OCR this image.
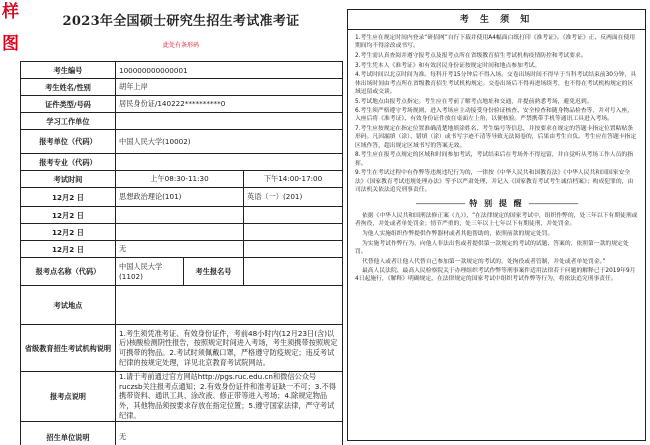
样
图
2023年全国硕士研究生招生考试准考证
此处有条形码
考生编号	100000000000001		
考生姓名/性别	胡年上岸		
证件类型/号码	居民身份证/140222**********0		
学习工作单位			
报考单位（代码）	中国人民大学(10002)		
报考专业（代码）			
考试时间	上午08:30-11:30		下午14:00-17:00
12月2 日	思想政治理论(101)		英语（一）(201)
12月2 日			
12月2 日			
12月2 日	无		
报考点名称（代码）	中国人民大学(1102)	考生报名号	
考试地点			
省级教育招生考试机构说明	1.考生须凭准考证、有效身份证件，考前48小时内(12月23日(含)以后)核酸检测阴性报告，按照规定时间进入考场，考生须携带按照规定可携带的物品。2.考试时须佩戴口罩，严格遵守防疫规定；违反考试纪律的按规定处理，详见北京教育考试院网站。		
报考点说明	1.请于考前通过官方网站http://pgs.ruc.edu.cn和微信公众号ruczsb关注报考点通知；2.有效身份证件和准考证缺一不可；3.不得携带资料、通讯工具、涂改液、修正带等进入考场；4.除规定物品外，其他物品须按要求存放在指定位置；5.遵守国家法律，严守考试纪律。		
招生单位说明	无		
考 生 须 知

1.考生应在规定时间内登录“研招网”自行下载并使用A4幅面白纸打印《准考证》。《准考证》正、反两面在使用期间均不得涂改或书写。

2.考生需认真查阅并遵守报考点及报考点所在省级教育招生考试机构疫情防控和考试要求。

3.考生凭本人《准考证》和有效居民身份证按规定时间和地点参加考试。

4.考试时间以北京时间为准。每科开考15分钟后不得入场。交卷出场时间不得早于当科考试结束前30分钟，具体出场时间由考点所在省级教育招生考试机构规定。交卷出场后不得再进场续考，也不得在考试机构规定的区域逗留或交谈。

5.考试地点由报考点指定。考生应在考前了解考点地址和交通，并提前熟悉考场，避免迟到。

6.考生须严格遵守考场规则，进入考场应主动接受身份验证核查、安全检查和随身物品检查等，并对号入座，入座后将《准考证》、有效身份证件放在桌面左上角，以便核验。严禁携带手机等通讯工具进入考场。

7.考生应按规定在指定位置准确清楚地填涂姓名、考生编号等信息，并按要求在规定的答题卡指定位置粘贴条形码。凡因漏填（涂）、错填（涂）或书写字迹不清等导致无法阅卷的，后果由考生自负。考生应在答题卡指定区域作答，超出规定区域书写的答案无效。

8.考生应在报考点规定的区域和时间参加考试，考试结束后在考场外不得逗留，并自觉听从考场工作人员的指挥。

9.考生在考试过程中有作弊等违规违纪行为的，一律按《中华人民共和国教育法》《中华人民共和国国家安全法》《国家教育考试违规处理办法》等予以严肃处理，并记入《国家教育考试考生诚信档案》；构成犯罪的，由司法机关依法追究刑事责任。

——————— 特 别 提 醒 ———————

依据《中华人民共和国刑法修正案（九）》，“在法律规定的国家考试中，组织作弊的，处三年以下有期徒刑或者拘役，并处或者单处罚金；情节严重的，处三年以上七年以下有期徒刑，并处罚金。

为他人实施组织作弊提供作弊器材或者其他帮助的，依照前款的规定处罚。

为实施考试作弊行为，向他人非法出售或者提供第一款规定的考试的试题、答案的，依照第一款的规定处罚。

代替他人或者让他人代替自己参加第一款规定的考试的，处拘役或者管制，并处或者单处罚金。”

最高人民法院、最高人民检察院关于办理组织考试作弊等刑事案件适用法律若干问题的解释已于2019年9月4日起施行，《解释》明确规定，在法律规定的国家考试中组织考试作弊等行为，将依法追究刑事责任。
